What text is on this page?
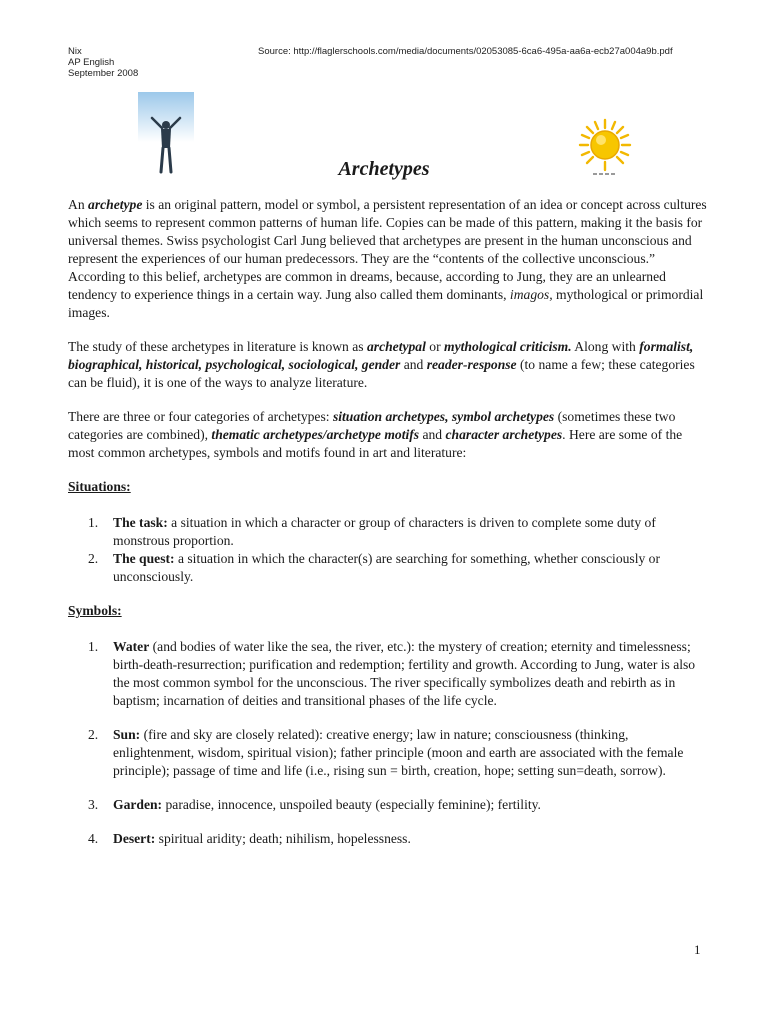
Nix
AP English
September 2008
Source: http://flaglerschools.com/media/documents/02053085-6ca6-495a-aa6a-ecb27a004a9b.pdf
Archetypes

An archetype is an original pattern, model or symbol, a persistent representation of an idea or concept across cultures which seems to represent common patterns of human life. Copies can be made of this pattern, making it the basis for universal themes. Swiss psychologist Carl Jung believed that archetypes are present in the human unconscious and represent the experiences of our human predecessors. They are the “contents of the collective unconscious.” According to this belief, archetypes are common in dreams, because, according to Jung, they are an unlearned tendency to experience things in a certain way. Jung also called them dominants, imagos, mythological or primordial images.

The study of these archetypes in literature is known as archetypal or mythological criticism. Along with formalist, biographical, historical, psychological, sociological, gender and reader-response (to name a few; these categories can be fluid), it is one of the ways to analyze literature.

There are three or four categories of archetypes: situation archetypes, symbol archetypes (sometimes these two categories are combined), thematic archetypes/archetype motifs and character archetypes. Here are some of the most common archetypes, symbols and motifs found in art and literature:

Situations:
1. The task: a situation in which a character or group of characters is driven to complete some duty of monstrous proportion.
2. The quest: a situation in which the character(s) are searching for something, whether consciously or unconsciously.
Symbols:
1. Water (and bodies of water like the sea, the river, etc.): the mystery of creation; eternity and timelessness; birth-death-resurrection; purification and redemption; fertility and growth. According to Jung, water is also the most common symbol for the unconscious. The river specifically symbolizes death and rebirth as in baptism; incarnation of deities and transitional phases of the life cycle.
2. Sun: (fire and sky are closely related): creative energy; law in nature; consciousness (thinking, enlightenment, wisdom, spiritual vision); father principle (moon and earth are associated with the female principle); passage of time and life (i.e., rising sun = birth, creation, hope; setting sun=death, sorrow).
3. Garden: paradise, innocence, unspoiled beauty (especially feminine); fertility.
4. Desert: spiritual aridity; death; nihilism, hopelessness.
1
